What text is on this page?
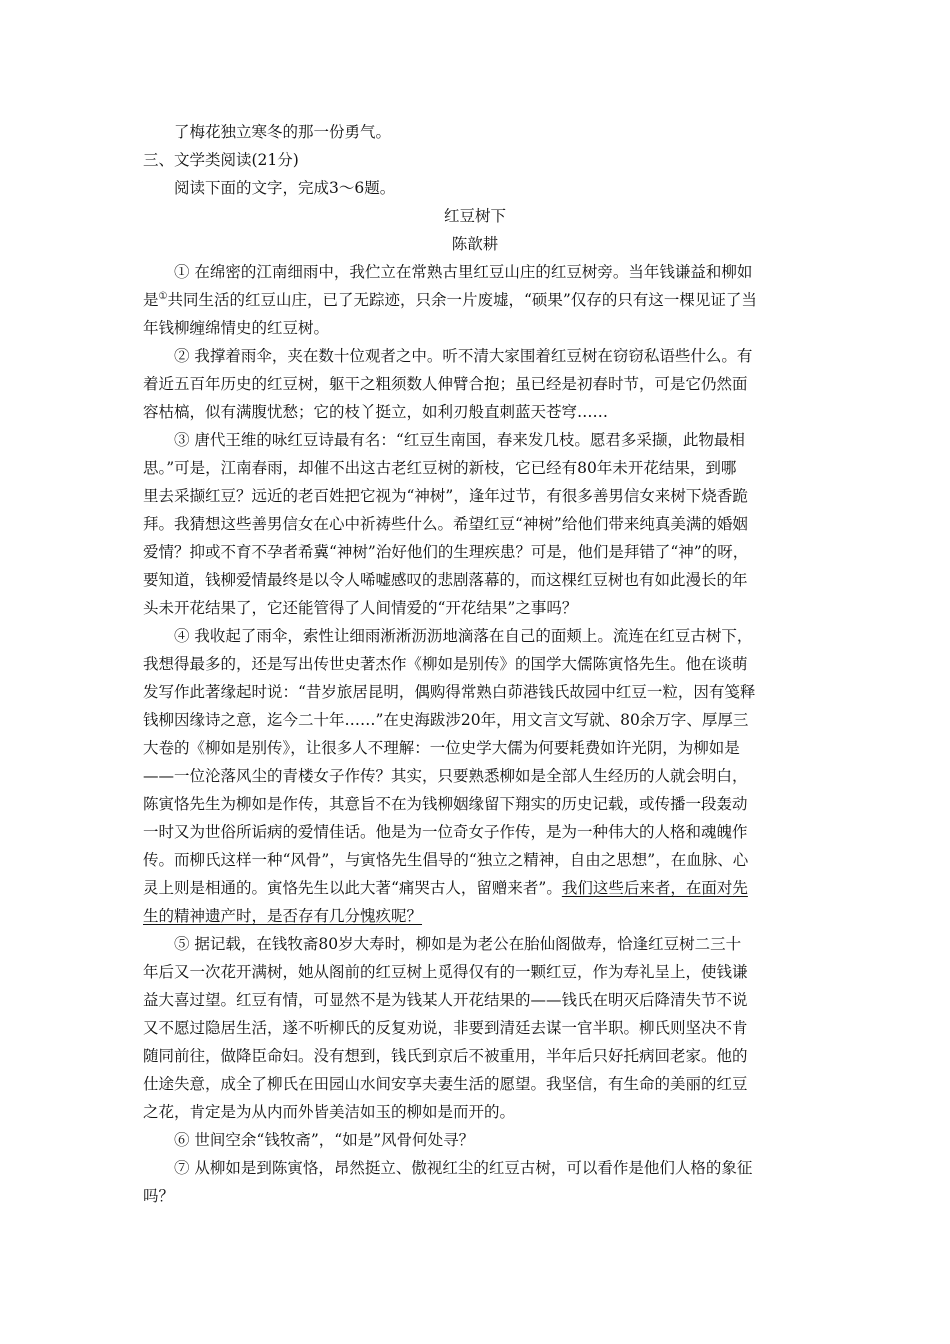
了梅花独立寒冬的那一份勇气。
三、文学类阅读(21分)
阅读下面的文字，完成3～6题。
红豆树下
陈歆耕
① 在绵密的江南细雨中，我伫立在常熟古里红豆山庄的红豆树旁。当年钱谦益和柳如
是①共同生活的红豆山庄，已了无踪迹，只余一片废墟，“硕果”仅存的只有这一棵见证了当
年钱柳缠绵情史的红豆树。
② 我撑着雨伞，夹在数十位观者之中。听不清大家围着红豆树在窃窃私语些什么。有
着近五百年历史的红豆树，躯干之粗须数人伸臂合抱；虽已经是初春时节，可是它仍然面
容枯槁，似有满腹忧愁；它的枝丫挺立，如利刃般直刺蓝天苍穹……
③ 唐代王维的咏红豆诗最有名：“红豆生南国，春来发几枝。愿君多采撷，此物最相
思。”可是，江南春雨，却催不出这古老红豆树的新枝，它已经有80年未开花结果，到哪
里去采撷红豆？远近的老百姓把它视为“神树”，逢年过节，有很多善男信女来树下烧香跪
拜。我猜想这些善男信女在心中祈祷些什么。希望红豆“神树”给他们带来纯真美满的婚姻
爱情？抑或不育不孕者希冀“神树”治好他们的生理疾患？可是，他们是拜错了“神”的呀，
要知道，钱柳爱情最终是以令人唏嘘感叹的悲剧落幕的，而这棵红豆树也有如此漫长的年
头未开花结果了，它还能管得了人间情爱的“开花结果”之事吗？
④ 我收起了雨伞，索性让细雨淅淅沥沥地滴落在自己的面颊上。流连在红豆古树下，
我想得最多的，还是写出传世史著杰作《柳如是别传》的国学大儒陈寅恪先生。他在谈萌
发写作此著缘起时说：“昔岁旅居昆明，偶购得常熟白茆港钱氏故园中红豆一粒，因有笺释
钱柳因缘诗之意，迄今二十年……”在史海跋涉20年，用文言文写就、80余万字、厚厚三
大卷的《柳如是别传》，让很多人不理解：一位史学大儒为何要耗费如许光阴，为柳如是
——一位沦落风尘的青楼女子作传？其实，只要熟悉柳如是全部人生经历的人就会明白，
陈寅恪先生为柳如是作传，其意旨不在为钱柳姻缘留下翔实的历史记载，或传播一段轰动
一时又为世俗所诟病的爱情佳话。他是为一位奇女子作传，是为一种伟大的人格和魂魄作
传。而柳氏这样一种“风骨”，与寅恪先生倡导的“独立之精神，自由之思想”，在血脉、心
灵上则是相通的。寅恪先生以此大著“痛哭古人，留赠来者”。我们这些后来者，在面对先
生的精神遗产时，是否存有几分愧疚呢？
⑤ 据记载，在钱牧斋80岁大寿时，柳如是为老公在胎仙阁做寿，恰逢红豆树二三十
年后又一次花开满树，她从阁前的红豆树上觅得仅有的一颗红豆，作为寿礼呈上，使钱谦
益大喜过望。红豆有情，可显然不是为钱某人开花结果的——钱氏在明灭后降清失节不说
又不愿过隐居生活，遂不听柳氏的反复劝说，非要到清廷去谋一官半职。柳氏则坚决不肯
随同前往，做降臣命妇。没有想到，钱氏到京后不被重用，半年后只好托病回老家。他的
仕途失意，成全了柳氏在田园山水间安享夫妻生活的愿望。我坚信，有生命的美丽的红豆
之花，肯定是为从内而外皆美洁如玉的柳如是而开的。
⑥ 世间空余“钱牧斋”，“如是”风骨何处寻？
⑦ 从柳如是到陈寅恪，昂然挺立、傲视红尘的红豆古树，可以看作是他们人格的象征
吗？
